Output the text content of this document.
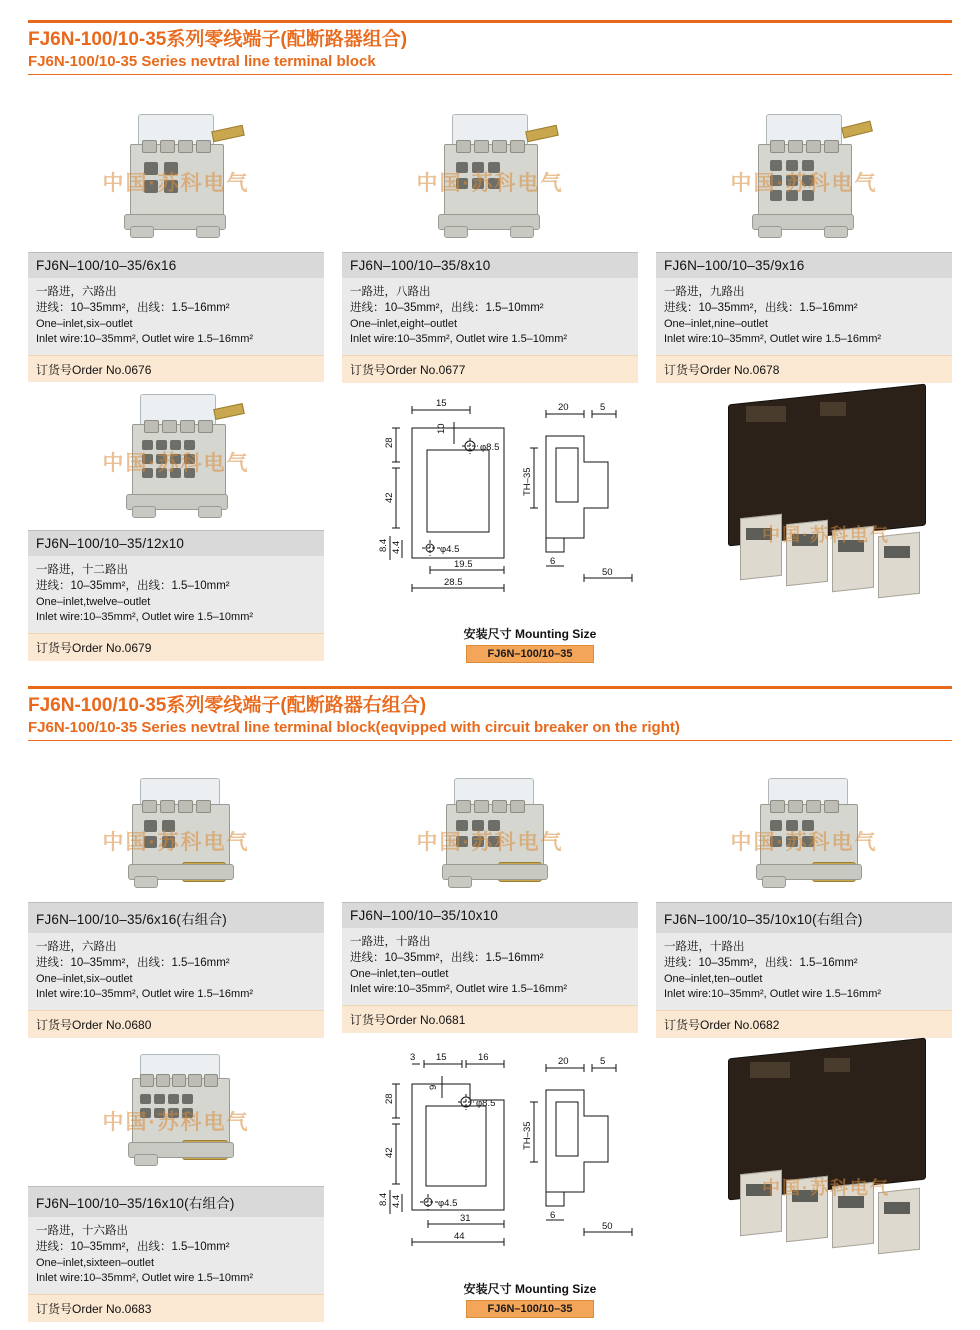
FJ6N-100/10-35系列零线端子(配断路器组合)
FJ6N-100/10-35 Series nevtral line terminal block
中国·苏科电气
FJ6N–100/10–35/6x16
一路进，六路出
进线：10–35mm²，出线：1.5–16mm²
One–inlet,six–outlet
Inlet wire:10–35mm², Outlet wire 1.5–16mm²
订货号Order No.0676
中国·苏科电气
FJ6N–100/10–35/8x10
一路进，八路出
进线：10–35mm²，出线：1.5–10mm²
One–inlet,eight–outlet
Inlet wire:10–35mm², Outlet wire 1.5–10mm²
订货号Order No.0677
中国·苏科电气
FJ6N–100/10–35/9x16
一路进，九路出
进线：10–35mm²，出线：1.5–16mm²
One–inlet,nine–outlet
Inlet wire:10–35mm², Outlet wire 1.5–16mm²
订货号Order No.0678
中国·苏科电气
FJ6N–100/10–35/12x10
一路进，十二路出
进线：10–35mm²，出线：1.5–10mm²
One–inlet,twelve–outlet
Inlet wire:10–35mm², Outlet wire 1.5–10mm²
订货号Order No.0679
15
10
φ8.5
28
42
8.4 4.4	φ4.5
19.5
28.5
20	5
TH–35
6
50
安装尺寸 Mounting Size
FJ6N–100/10–35
中国·苏科电气
FJ6N-100/10-35系列零线端子(配断路器右组合)
FJ6N-100/10-35 Series nevtral line terminal block(eqvipped with circuit breaker on the right)
中国·苏科电气
FJ6N–100/10–35/6x16(右组合)
一路进，六路出
进线：10–35mm²，出线：1.5–16mm²
One–inlet,six–outlet
Inlet wire:10–35mm², Outlet wire 1.5–16mm²
订货号Order No.0680
中国·苏科电气
FJ6N–100/10–35/10x10
一路进，十路出
进线：10–35mm²，出线：1.5–16mm²
One–inlet,ten–outlet
Inlet wire:10–35mm², Outlet wire 1.5–16mm²
订货号Order No.0681
中国·苏科电气
FJ6N–100/10–35/10x10(右组合)
一路进，十路出
进线：10–35mm²，出线：1.5–16mm²
One–inlet,ten–outlet
Inlet wire:10–35mm², Outlet wire 1.5–16mm²
订货号Order No.0682
中国·苏科电气
FJ6N–100/10–35/16x10(右组合)
一路进，十六路出
进线：10–35mm²，出线：1.5–10mm²
One–inlet,sixteen–outlet
Inlet wire:10–35mm², Outlet wire 1.5–10mm²
订货号Order No.0683
3 15	16
9
φ8.5
28
42
8.4 4.4	φ4.5
31
44
20	5
TH–35
6
50
安装尺寸 Mounting Size
FJ6N–100/10–35
中国·苏科电气
